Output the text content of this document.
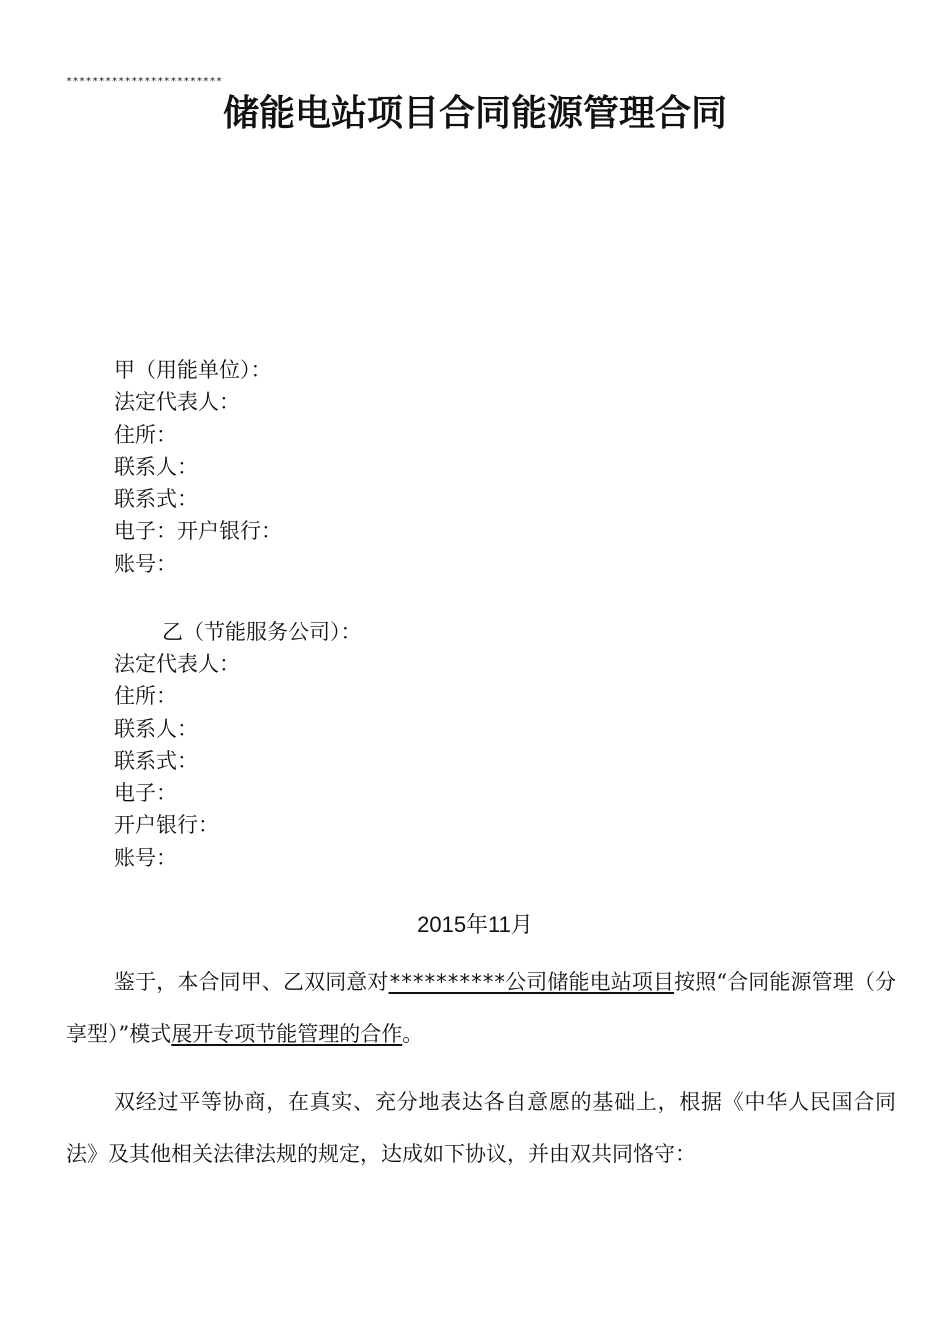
************************
储能电站项目合同能源管理合同
甲（用能单位）：
法定代表人：
住所：
联系人：
联系式：
电子：开户银行：
账号：
乙（节能服务公司）：
法定代表人：
住所：
联系人：
联系式：
电子：
开户银行：
账号：
2015年11月

鉴于，本合同甲、乙双同意对**********公司储能电站项目按照“合同能源管理（分享型）”模式展开专项节能管理的合作。

双经过平等协商，在真实、充分地表达各自意愿的基础上，根据《中华人民国合同法》及其他相关法律法规的规定，达成如下协议，并由双共同恪守：
